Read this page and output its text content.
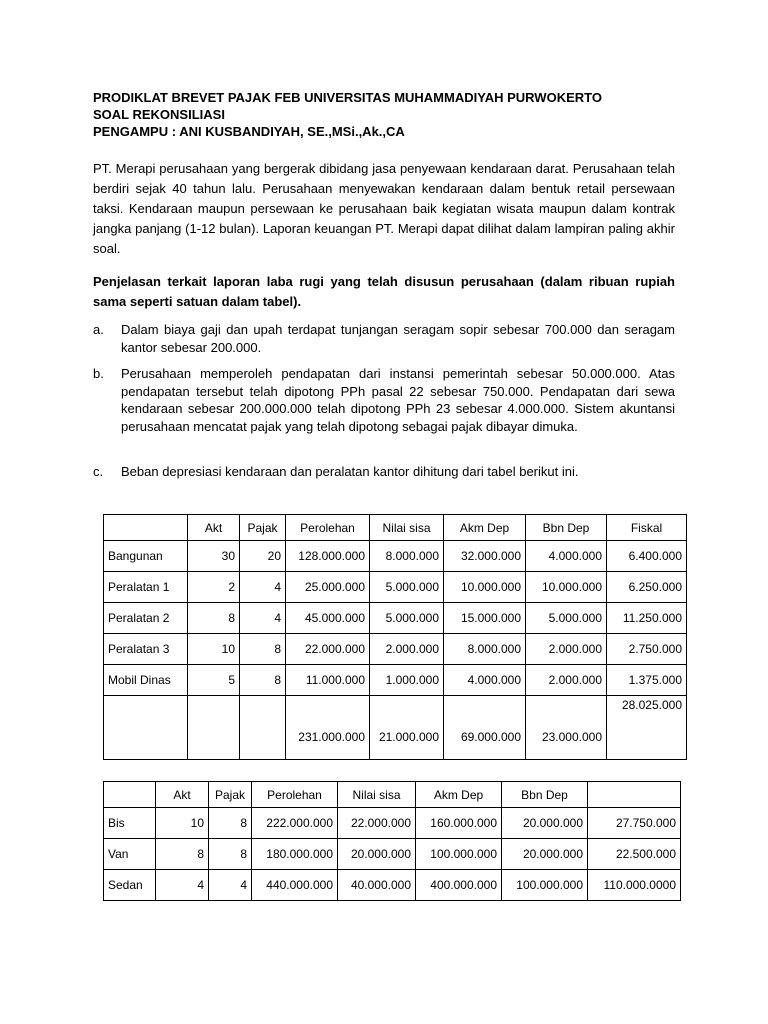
PRODIKLAT BREVET PAJAK FEB UNIVERSITAS MUHAMMADIYAH PURWOKERTO
SOAL REKONSILIASI
PENGAMPU : ANI KUSBANDIYAH, SE.,MSi.,Ak.,CA
PT. Merapi perusahaan yang bergerak dibidang jasa penyewaan kendaraan darat. Perusahaan telah berdiri sejak 40 tahun lalu. Perusahaan menyewakan kendaraan dalam bentuk retail persewaan taksi. Kendaraan maupun persewaan ke perusahaan baik kegiatan wisata maupun dalam kontrak jangka panjang (1-12 bulan). Laporan keuangan PT. Merapi dapat dilihat dalam lampiran paling akhir soal.
Penjelasan terkait laporan laba rugi yang telah disusun perusahaan (dalam ribuan rupiah sama seperti satuan dalam tabel).
a. Dalam biaya gaji dan upah terdapat tunjangan seragam sopir sebesar 700.000 dan seragam kantor sebesar 200.000.
b. Perusahaan memperoleh pendapatan dari instansi pemerintah sebesar 50.000.000. Atas pendapatan tersebut telah dipotong PPh pasal 22 sebesar 750.000. Pendapatan dari sewa kendaraan sebesar 200.000.000 telah dipotong PPh 23 sebesar 4.000.000. Sistem akuntansi perusahaan mencatat pajak yang telah dipotong sebagai pajak dibayar dimuka.
c. Beban depresiasi kendaraan dan peralatan kantor dihitung dari tabel berikut ini.
	Akt	Pajak	Perolehan	Nilai sisa	Akm Dep	Bbn Dep	Fiskal
Bangunan	30	20	128.000.000	8.000.000	32.000.000	4.000.000	6.400.000
Peralatan 1	2	4	25.000.000	5.000.000	10.000.000	10.000.000	6.250.000
Peralatan 2	8	4	45.000.000	5.000.000	15.000.000	5.000.000	11.250.000
Peralatan 3	10	8	22.000.000	2.000.000	8.000.000	2.000.000	2.750.000
Mobil Dinas	5	8	11.000.000	1.000.000	4.000.000	2.000.000	1.375.000
			231.000.000	21.000.000	69.000.000	23.000.000	28.025.000
	Akt	Pajak	Perolehan	Nilai sisa	Akm Dep	Bbn Dep	
Bis	10	8	222.000.000	22.000.000	160.000.000	20.000.000	27.750.000
Van	8	8	180.000.000	20.000.000	100.000.000	20.000.000	22.500.000
Sedan	4	4	440.000.000	40.000.000	400.000.000	100.000.000	110.000.0000
